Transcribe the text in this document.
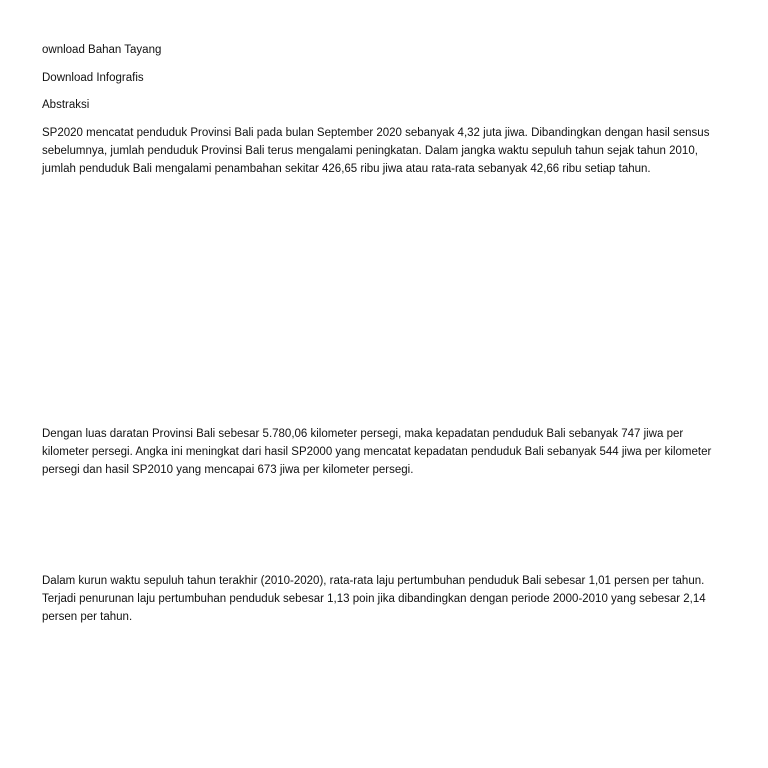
ownload Bahan Tayang

Download Infografis

Abstraksi

SP2020 mencatat penduduk Provinsi Bali pada bulan September 2020 sebanyak 4,32 juta jiwa. Dibandingkan dengan hasil sensus sebelumnya, jumlah penduduk Provinsi Bali terus mengalami peningkatan. Dalam jangka waktu sepuluh tahun sejak tahun 2010, jumlah penduduk Bali mengalami penambahan sekitar 426,65 ribu jiwa atau rata-rata sebanyak 42,66 ribu setiap tahun.

Dengan luas daratan Provinsi Bali sebesar 5.780,06 kilometer persegi, maka kepadatan penduduk Bali sebanyak 747 jiwa per kilometer persegi. Angka ini meningkat dari hasil SP2000 yang mencatat kepadatan penduduk Bali sebanyak 544 jiwa per kilometer persegi dan hasil SP2010 yang mencapai 673 jiwa per kilometer persegi.

Dalam kurun waktu sepuluh tahun terakhir (2010-2020), rata-rata laju pertumbuhan penduduk Bali sebesar 1,01 persen per tahun. Terjadi penurunan laju pertumbuhan penduduk sebesar 1,13 poin jika dibandingkan dengan periode 2000-2010 yang sebesar 2,14 persen per tahun.
